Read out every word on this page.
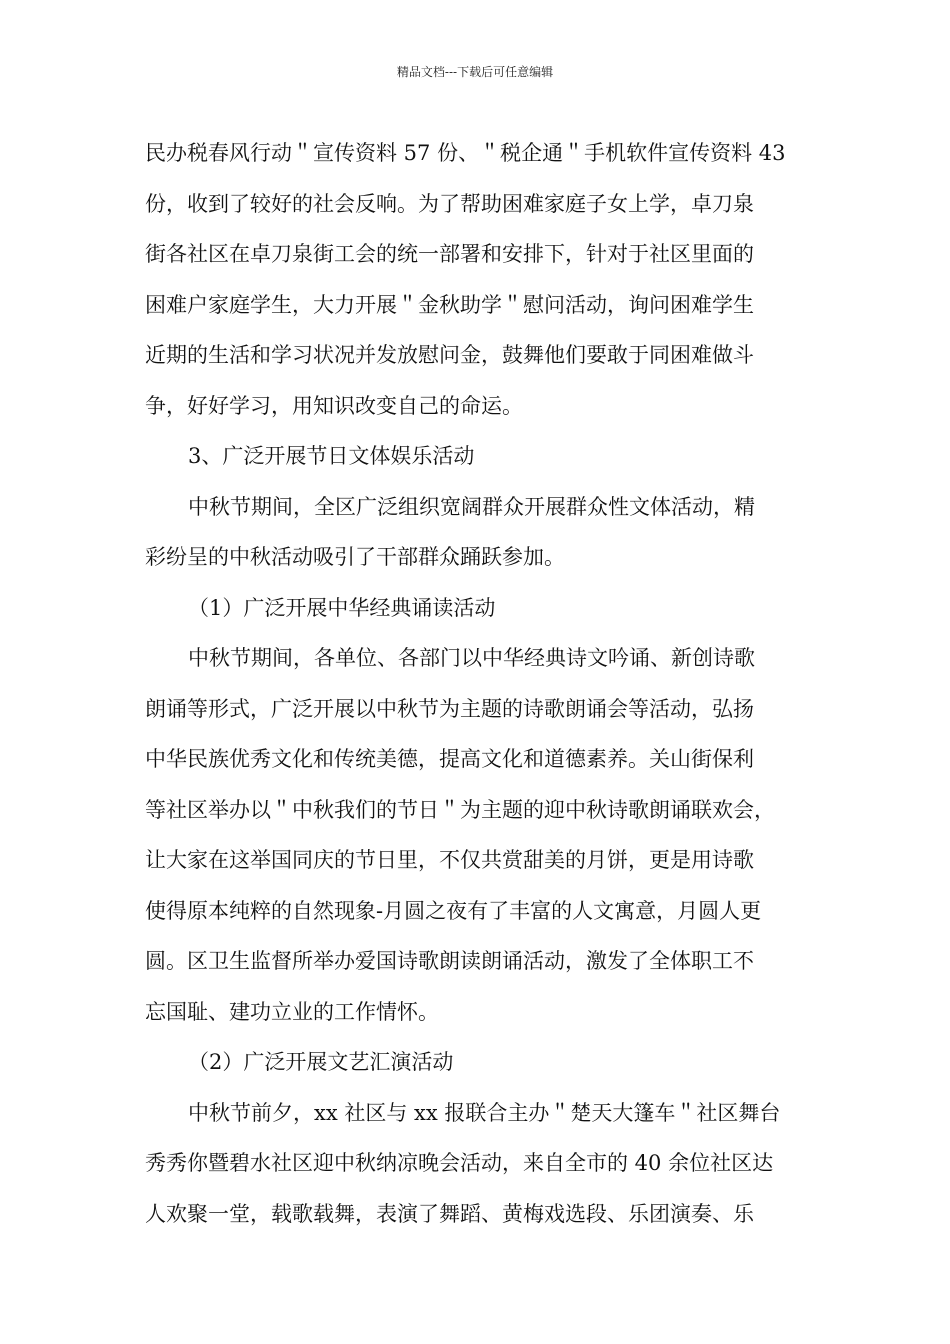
精品文档---下载后可任意编辑
民办税春风行动＂宣传资料 57 份、＂税企通＂手机软件宣传资料 43
份，收到了较好的社会反响。为了帮助困难家庭子女上学，卓刀泉
街各社区在卓刀泉街工会的统一部署和安排下，针对于社区里面的
困难户家庭学生，大力开展＂金秋助学＂慰问活动，询问困难学生
近期的生活和学习状况并发放慰问金，鼓舞他们要敢于同困难做斗
争，好好学习，用知识改变自己的命运。
3、广泛开展节日文体娱乐活动
中秋节期间，全区广泛组织宽阔群众开展群众性文体活动，精
彩纷呈的中秋活动吸引了干部群众踊跃参加。
（1）广泛开展中华经典诵读活动
中秋节期间，各单位、各部门以中华经典诗文吟诵、新创诗歌
朗诵等形式，广泛开展以中秋节为主题的诗歌朗诵会等活动，弘扬
中华民族优秀文化和传统美德，提高文化和道德素养。关山街保利
等社区举办以＂中秋我们的节日＂为主题的迎中秋诗歌朗诵联欢会，
让大家在这举国同庆的节日里，不仅共赏甜美的月饼，更是用诗歌
使得原本纯粹的自然现象-月圆之夜有了丰富的人文寓意，月圆人更
圆。区卫生监督所举办爱国诗歌朗读朗诵活动，激发了全体职工不
忘国耻、建功立业的工作情怀。
（2）广泛开展文艺汇演活动
中秋节前夕，xx 社区与 xx 报联合主办＂楚天大篷车＂社区舞台
秀秀你暨碧水社区迎中秋纳凉晚会活动，来自全市的 40 余位社区达
人欢聚一堂，载歌载舞，表演了舞蹈、黄梅戏选段、乐团演奏、乐
